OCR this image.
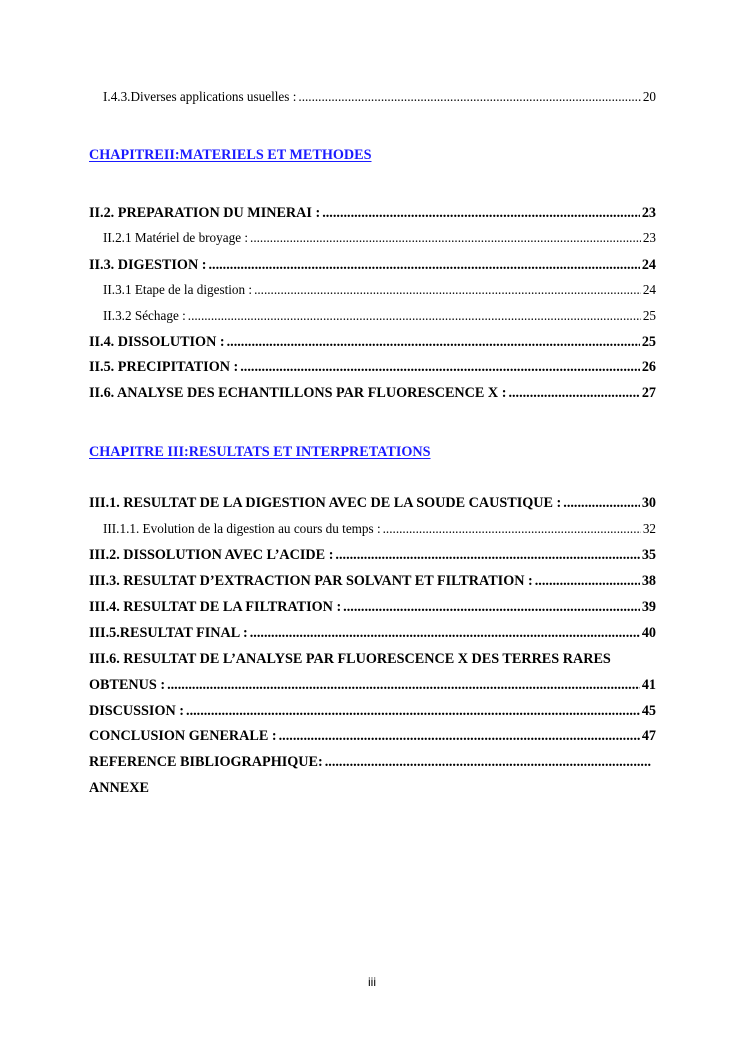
I.4.3.Diverses applications usuelles : .....	20
CHAPITREII:MATERIELS ET METHODES
II.2. PREPARATION DU MINERAI : .....	23
II.2.1 Matériel de broyage : .....	23
II.3. DIGESTION : .....	24
II.3.1 Etape de la digestion : .....	24
II.3.2 Séchage : .....	25
II.4. DISSOLUTION : .....	25
II.5. PRECIPITATION : .....	26
II.6. ANALYSE DES ECHANTILLONS PAR FLUORESCENCE X : .....	27
CHAPITRE III:RESULTATS ET INTERPRETATIONS
III.1. RESULTAT DE LA DIGESTION AVEC DE LA SOUDE CAUSTIQUE : .....	30
III.1.1. Evolution de la digestion au cours du temps : .....	32
III.2. DISSOLUTION AVEC L’ACIDE : .....	35
III.3. RESULTAT D’EXTRACTION PAR SOLVANT ET FILTRATION : .....	38
III.4. RESULTAT DE LA FILTRATION : .....	39
III.5.RESULTAT FINAL : .....	40
III.6. RESULTAT DE L’ANALYSE PAR FLUORESCENCE X DES TERRES RARES
OBTENUS : .....	41
DISCUSSION : .....	45
CONCLUSION GENERALE : .....	47
REFERENCE BIBLIOGRAPHIQUE:
.....
ANNEXE
iii
